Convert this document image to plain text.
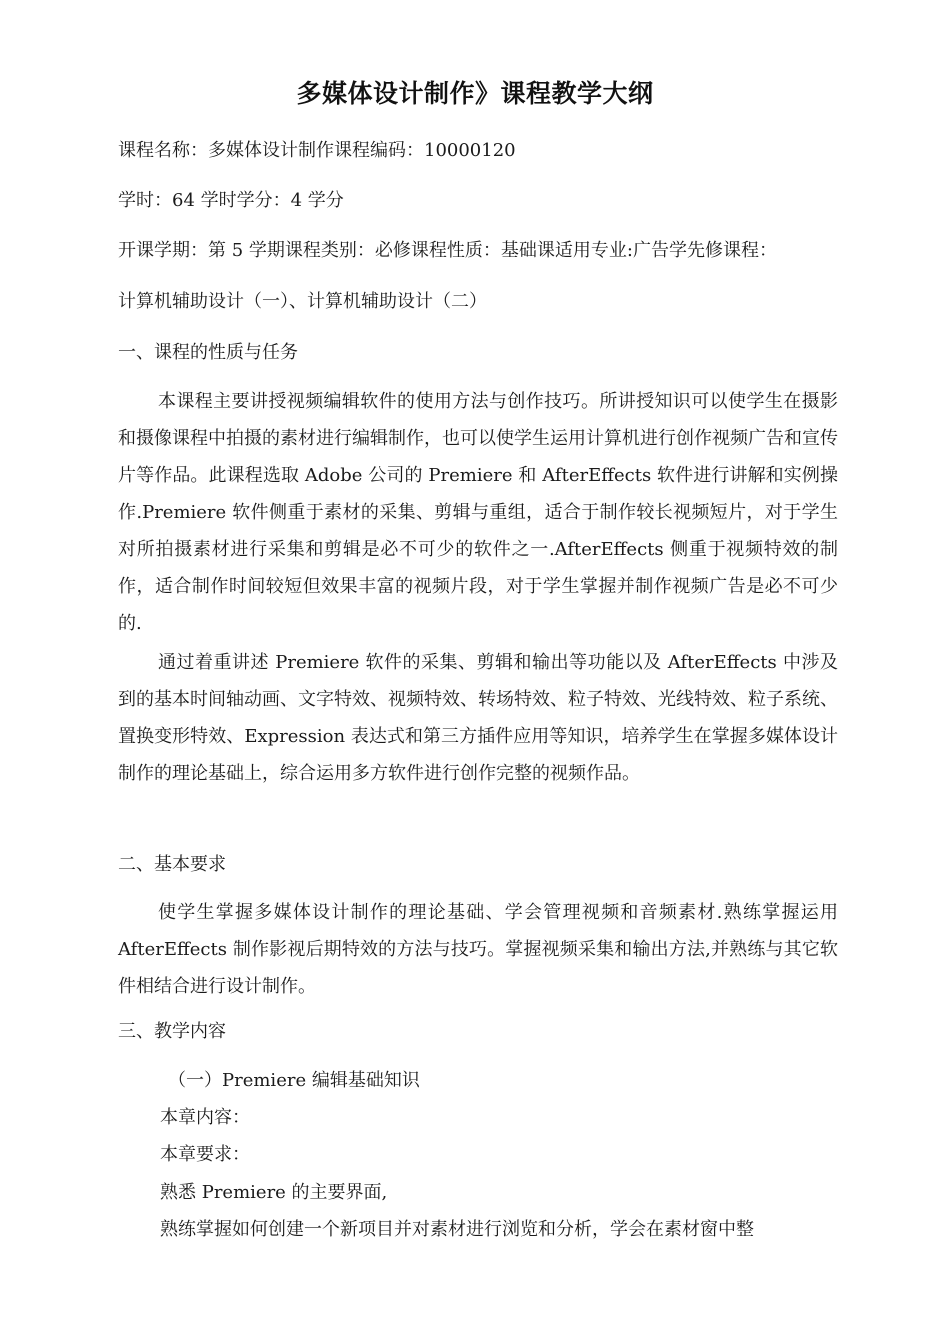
多媒体设计制作》课程教学大纲
课程名称：多媒体设计制作课程编码：10000120
学时：64 学时学分：4 学分
开课学期：第 5 学期课程类别：必修课程性质：基础课适用专业:广告学先修课程：
计算机辅助设计（一）、计算机辅助设计（二）
一、课程的性质与任务

本课程主要讲授视频编辑软件的使用方法与创作技巧。所讲授知识可以使学生在摄影和摄像课程中拍摄的素材进行编辑制作，也可以使学生运用计算机进行创作视频广告和宣传片等作品。此课程选取 Adobe 公司的 Premiere 和 AfterEffects 软件进行讲解和实例操作.Premiere 软件侧重于素材的采集、剪辑与重组，适合于制作较长视频短片，对于学生对所拍摄素材进行采集和剪辑是必不可少的软件之一.AfterEffects 侧重于视频特效的制作，适合制作时间较短但效果丰富的视频片段，对于学生掌握并制作视频广告是必不可少的.

通过着重讲述 Premiere 软件的采集、剪辑和输出等功能以及 AfterEffects 中涉及到的基本时间轴动画、文字特效、视频特效、转场特效、粒子特效、光线特效、粒子系统、置换变形特效、Expression 表达式和第三方插件应用等知识，培养学生在掌握多媒体设计制作的理论基础上，综合运用多方软件进行创作完整的视频作品。

二、基本要求

使学生掌握多媒体设计制作的理论基础、学会管理视频和音频素材.熟练掌握运用 AfterEffects 制作影视后期特效的方法与技巧。掌握视频采集和输出方法,并熟练与其它软件相结合进行设计制作。

三、教学内容
（一）Premiere 编辑基础知识
本章内容：
本章要求：
熟悉 Premiere 的主要界面,
熟练掌握如何创建一个新项目并对素材进行浏览和分析，学会在素材窗中整
